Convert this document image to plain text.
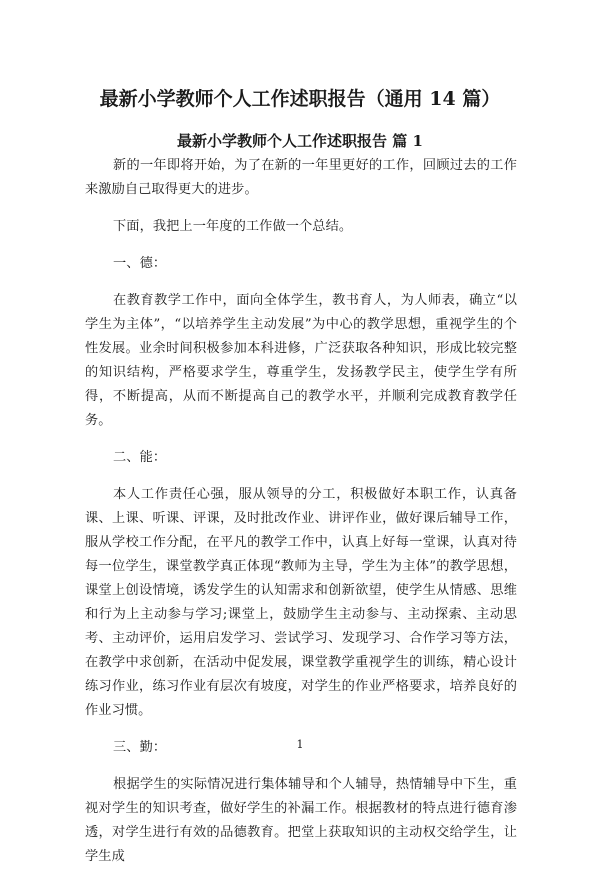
最新小学教师个人工作述职报告（通用 14 篇）
最新小学教师个人工作述职报告 篇 1

新的一年即将开始，为了在新的一年里更好的工作，回顾过去的工作来激励自己取得更大的进步。

下面，我把上一年度的工作做一个总结。

一、德：

在教育教学工作中，面向全体学生，教书育人，为人师表，确立“以学生为主体”，“以培养学生主动发展”为中心的教学思想，重视学生的个性发展。业余时间积极参加本科进修，广泛获取各种知识，形成比较完整的知识结构，严格要求学生，尊重学生，发扬教学民主，使学生学有所得，不断提高，从而不断提高自己的教学水平，并顺利完成教育教学任务。

二、能：

本人工作责任心强，服从领导的分工，积极做好本职工作，认真备课、上课、听课、评课，及时批改作业、讲评作业，做好课后辅导工作，服从学校工作分配，在平凡的教学工作中，认真上好每一堂课，认真对待每一位学生，课堂教学真正体现“教师为主导，学生为主体”的教学思想，课堂上创设情境，诱发学生的认知需求和创新欲望，使学生从情感、思维和行为上主动参与学习;课堂上，鼓励学生主动参与、主动探索、主动思考、主动评价，运用启发学习、尝试学习、发现学习、合作学习等方法，在教学中求创新，在活动中促发展，课堂教学重视学生的训练，精心设计练习作业，练习作业有层次有坡度，对学生的作业严格要求，培养良好的作业习惯。

三、勤：

根据学生的实际情况进行集体辅导和个人辅导，热情辅导中下生，重视对学生的知识考查，做好学生的补漏工作。根据教材的特点进行德育渗透，对学生进行有效的品德教育。把堂上获取知识的主动权交给学生，让学生成

1
